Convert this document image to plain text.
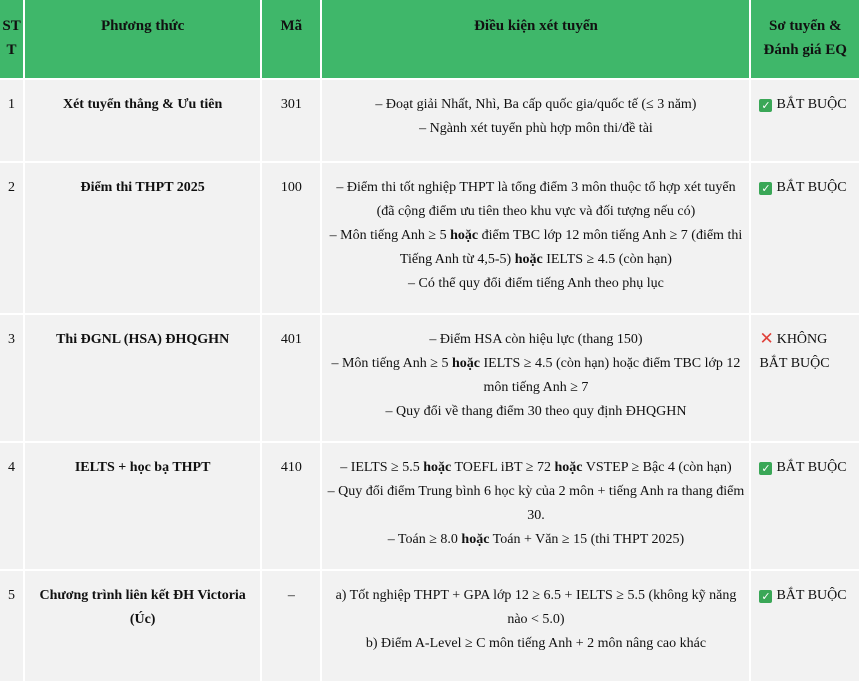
STT	Phương thức	Mã	Điều kiện xét tuyển	Sơ tuyển & Đánh giá EQ
1	Xét tuyển thẳng & Ưu tiên	301	– Đoạt giải Nhất, Nhì, Ba cấp quốc gia/quốc tế (≤ 3 năm)
– Ngành xét tuyển phù hợp môn thi/đề tài	✓ BẮT BUỘC
2	Điểm thi THPT 2025	100	– Điểm thi tốt nghiệp THPT là tổng điểm 3 môn thuộc tổ hợp xét tuyển (đã cộng điểm ưu tiên theo khu vực và đối tượng nếu có)
– Môn tiếng Anh ≥ 5 hoặc điểm TBC lớp 12 môn tiếng Anh ≥ 7 (điểm thi Tiếng Anh từ 4,5-5) hoặc IELTS ≥ 4.5 (còn hạn)
– Có thể quy đổi điểm tiếng Anh theo phụ lục	✓ BẮT BUỘC
3	Thi ĐGNL (HSA) ĐHQGHN	401	– Điểm HSA còn hiệu lực (thang 150)
– Môn tiếng Anh ≥ 5 hoặc IELTS ≥ 4.5 (còn hạn) hoặc điểm TBC lớp 12 môn tiếng Anh ≥ 7
– Quy đổi về thang điểm 30 theo quy định ĐHQGHN	✕ KHÔNG BẮT BUỘC
4	IELTS + học bạ THPT	410	– IELTS ≥ 5.5 hoặc TOEFL iBT ≥ 72 hoặc VSTEP ≥ Bậc 4 (còn hạn)
– Quy đổi điểm Trung bình 6 học kỳ của 2 môn + tiếng Anh ra thang điểm 30.
– Toán ≥ 8.0 hoặc Toán + Văn ≥ 15 (thi THPT 2025)	✓ BẮT BUỘC
5	Chương trình liên kết ĐH Victoria (Úc)	–	a) Tốt nghiệp THPT + GPA lớp 12 ≥ 6.5 + IELTS ≥ 5.5 (không kỹ năng nào < 5.0)
b) Điểm A-Level ≥ C môn tiếng Anh + 2 môn nâng cao khác	✓ BẮT BUỘC
